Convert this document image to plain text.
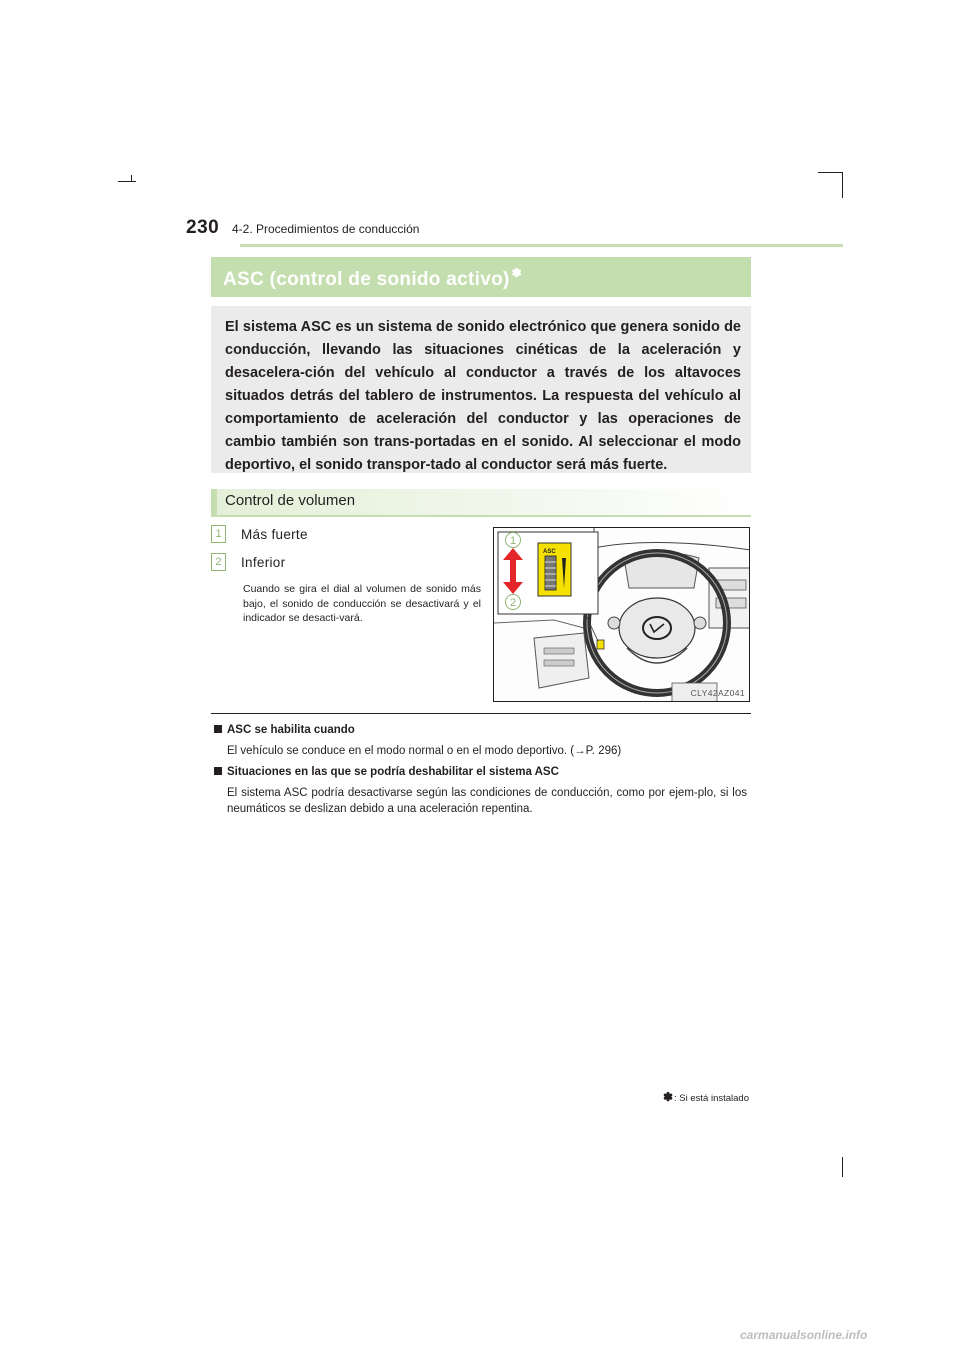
230 4-2. Procedimientos de conducción
ASC (control de sonido activo) ✽
El sistema ASC es un sistema de sonido electrónico que genera sonido de conducción, llevando las situaciones cinéticas de la aceleración y desacelera-ción del vehículo al conductor a través de los altavoces situados detrás del tablero de instrumentos. La respuesta del vehículo al comportamiento de aceleración del conductor y las operaciones de cambio también son trans-portadas en el sonido. Al seleccionar el modo deportivo, el sonido transpor-tado al conductor será más fuerte.
Control de volumen
1	Más fuerte
2	Inferior
Cuando se gira el dial al volumen de sonido más bajo, el sonido de conducción se desactivará y el indicador se desacti-vará.
ASC
1
2
CLY42AZ041
ASC se habilita cuando
El vehículo se conduce en el modo normal o en el modo deportivo. (→P. 296)
Situaciones en las que se podría deshabilitar el sistema ASC
El sistema ASC podría desactivarse según las condiciones de conducción, como por ejem-plo, si los neumáticos se deslizan debido a una aceleración repentina.
✽: Si está instalado
carmanualsonline.info
